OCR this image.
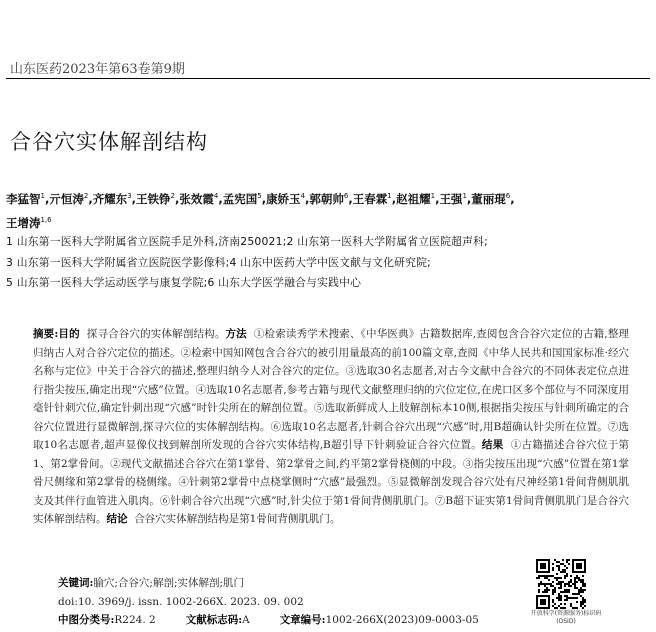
山东医药2023年第63卷第9期
合谷穴实体解剖结构
李猛智$^1$,亓恒涛$^2$,齐耀东$^3$,王铁铮$^2$,张效霞$^4$,孟宪国$^5$,康娇玉$^4$,郭朝帅$^6$,王春霖$^1$,赵祖耀$^1$,王强$^1$,董丽琨$^6$,
王增涛$^{1,6}$
1 山东第一医科大学附属省立医院手足外科,济南250021;2 山东第一医科大学附属省立医院超声科;
3 山东第一医科大学附属省立医院医学影像科;4 山东中医药大学中医文献与文化研究院;
5 山东第一医科大学运动医学与康复学院;6 山东大学医学融合与实践中心
摘要:目的 探寻合谷穴的实体解剖结构。方法 ①检索读秀学术搜索、《中华医典》古籍数据库,查阅包含合谷穴定位的古籍,整理归纳古人对合谷穴定位的描述。②检索中国知网包含合谷穴的被引用量最高的前100篇文章,查阅《中华人民共和国国家标准·经穴名称与定位》中关于合谷穴的描述,整理归纳今人对合谷穴的定位。③选取30名志愿者,对古今文献中合谷穴的不同体表定位点进行指尖按压,确定出现“穴感”位置。④选取10名志愿者,参考古籍与现代文献整理归纳的穴位定位,在虎口区多个部位与不同深度用毫针针刺穴位,确定针刺出现“穴感”时针尖所在的解剖位置。⑤选取新鲜成人上肢解剖标本10侧,根据指尖按压与针刺所确定的合谷穴位置进行显微解剖,探寻穴位的实体解剖结构。⑥选取10名志愿者,针刺合谷穴出现“穴感”时,用B超确认针尖所在位置。⑦选取10名志愿者,超声显像仪找到解剖所发现的合谷穴实体结构,B超引导下针刺验证合谷穴位置。结果 ①古籍描述合谷穴位于第1、第2掌骨间。②现代文献描述合谷穴在第1掌骨、第2掌骨之间,约平第2掌骨桡侧的中段。③指尖按压出现“穴感”位置在第1掌骨尺侧缘和第2掌骨的桡侧缘。④针刺第2掌骨中点桡掌侧时“穴感”最强烈。⑤显微解剖发现合谷穴处有尺神经第1骨间背侧肌肌支及其伴行血管进入肌肉。⑥针刺合谷穴出现“穴感”时,针尖位于第1骨间背侧肌肌门。⑦B超下证实第1骨间背侧肌肌门是合谷穴实体解剖结构。结论 合谷穴实体解剖结构是第1骨间背侧肌肌门。
关键词:腧穴;合谷穴;解剖;实体解剖;肌门
doi:10. 3969/j. issn. 1002-266X. 2023. 09. 002
中图分类号:R224. 2	文献标志码:A	文章编号:1002-266X(2023)09-0003-05
开放科学(资源服务)标识码(OSID)
